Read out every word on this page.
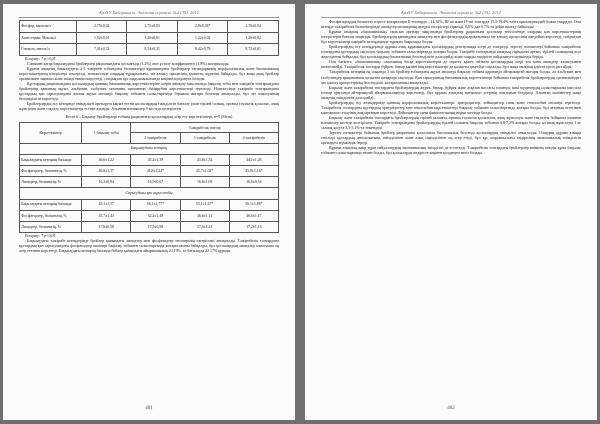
ҚазҰУ Хабаршысы. Экология сериясы. №2 (35). 2012
Фосфор, мкмоль/л	2,75±0,02	2,75±0,03	2,8±0,04*	2,76±0,04
Холестерин, Ммоль/л	1,52±0,01	1,26±0,01	1,22±0,02	1,26±0,02
Глюкоза, ммоль/л	7,41±0,32	8,54±0,31	8,42±0,78	8,72±0,61
Ескерту: * p<0,05

Сонымен қатар бақылаудағы бройлерлер рационындағы қосылғыда (1,2%) азот ұсталу коэффициенті (1,8%) жоғарылады.

Құрама азықтың бақылаудағы 2-3 тәжірибе тобындағы бөлшектерді құрамындағы бройлерлер тағамдарының морфологиялық және биохимиялық көрсеткіштерінің өзгерістері тексерілді, нәтижесінде олардың тұрақтылығы, зат алмасу процесінің қалыпты жүретіні байқалды, бұл жаңа азық бройлер организміне зиянсыз және тиімді екенін көрсетеді, сондықтан құс шаруашылығында кеңінен қолдануға болады.

Құстардың рационындағы қоспалардың қанның биохимиялық көрсеткіштеріне әсерін анықтау мақсатында бақылау тобы мен тәжірибе топтарындағы бройлерлер қанының ақуыз, альбумин, глобулин, мочевина, креатинин, билирубин көрсеткіштері зерттелді. Нәтижесінде тәжірибе топтарындағы құстардың қан сарысуындағы жалпы ақуыз мөлшері бақылау тобымен салыстырғанда біршама жоғары болғаны анықталды, бұл зат алмасуының белсенділігін көрсетеді.

Бройлерлердің өсу кезеңінде өнімділікті арттыруға ықпал ететін қоспалардың тиімділігін бағалау үшін тірілей салмақ, орташа тәуліктік қосылыс, азық жұмсалуы және сақталу көрсеткіштері есепке алынды. Алынған нәтижелер 3-кестеде келтірілген.

Кесте 6 – Бақылау бройлерлері тобына рационтағы қоспалардың әсер ету көрсеткіштері, n=5 (М±m)
Көрсеткіштер	1 бақылау тобы	Тәжірибелік топтар		
		2 тәжірибелік	3 тәжірибелік	4 тәжірибелік
Бақылаудағы кезеңнің				
Бақылаудағы кезеңнің басында	46,6±1,22	45,2±1,39	43,8±1,54	44,1±1,26
Фосфатидтер, бөлшектің, %	46,8±1,37	41,8±1,24*	45,7±1,02*	45,8±1,16*
Липидтер, бөлшектің, %	16,3±0,94	16,9±0,67	16,6±1,08	16,6±0,54
Сарысудағы қан ақуыз тобы				
Бақылаудағы кезеңнің басында	45,1±1,57	56,1±1,77*	55,1±1,67*	56,1±1,86*
Фосфатидтер, бөлшектің, %	45,7±1,43	52,2±1,49	46,6±1,14	46,6±1,17
Липидтер, бөлшектің, %	17,6±0,58	17,5±0,98	17,5±1,14	17,2±1,16
Ескерту: * p<0,05

Бақылаудағы тәжірибе кезеңдерінде бройлер қанындағы липидтер мен фосфатидтер мөлшерінің өзгерістері анықталды. Тәжірибелік топтардағы құстардың қан сарысуындағы фосфатидтер мөлшері бақылау тобымен салыстырғанда жоғарылағаны байқалды, бұл қоспалардың липидтер алмасуына оң әсер ететінін көрсетеді. Бақылаудағы кезеңнің басында бойлер қанындағы айырмашылық 24,19%, ал бағылауда 22,17% құрады.

401
ҚазҰУ Хабаршысы. Экология сериясы. №2 (35). 2012

Фосфатидтердің бөлшегін әсіресе жоғарылауы II-топтарда – 14,32%, III-ші және IV-ші топтарда 15,3-19,4% тәбет арасындағыдай болып тыңдады. Осы кезеңде тәжірибелік бөлшектерінде липидтер мөлшерінің әртүрлі өзгерістері тіркелді, 0,5%-дан 0,7%-ға дейін ауытқу байқалды.

Құрама азықтың «биохимиялық» сапасын арттыру мақсатында бройлерлер рационына қоспалар енгізілгенде олардың қан көрсеткіштерінің өзгерістерін бағалау маңызды. Бройлерлердің қанындағы липидтер мен фосфатидтердің арақатынасы зат алмасу процесінің жағдайын көрсетеді, сондықтан бұл көрсеткіштер тәжірибе кезеңдерінде тұрақты бақылауда болды.

Бройлерлердің өсу кезеңдерінде құрама азық құрамындағы қоспалардың денсаулыққа әсері де ескерілді, зерттеу нәтижелері бойынша тәжірибелік топтардағы құстардың сақталуы бақылау тобымен салыстырғанда жоғары болды. Тәжірибе топтарында азықтың сіңімділігі артып, тірілей салмақтың өсуі жеделдегені байқалды, бұл қоспалардың биологиялық белсенділігін дәлелдейді және оларды өндірісте пайдалануға мүмкіндік береді.

Осы бағытта, «биохимиялық» сапасының басқа көрсеткіштерін де зерттеу қажет, өйткені қоспалардың әсері тек қана липидтер алмасуымен шектелмейді. Тәжірибелік топтарда бүйрек, бауыр қызметінің көрсеткіштері де қалыпты деңгейде сақталды, бұл жаңа азықтың қауіпсіздігін растайды.

Тәжірибелік кезеңнің ең соңында 3 ші бройлер тобындағы ақуыз мөлшері бақылау тобына қарағанда айтарлықтай жоғары болды, ал альбумин мен глобулиндер арақатынасы қалыпты шекарада сақталды. Қан сарысуының биохимиялық көрсеткіштері бойынша тәжірибелік бройлерлердің организміндегі зат алмасу процестерінің белсенділігі жоғарылағаны анықталды.

Бақылау және тәжірибелік топтардағы бройлерлердің жүрек, бауыр, бүйрек және асқазан массасы өлшенді, ішкі мүшелердің салыстырмалы массасы топтар арасында айтарлықтай айырмашылықтар көрсетпеді, бұл құрама азықтың жағымсыз әсерінің жоқтығын білдіреді. Алынған мәліметтер жаңа азықтың тиімділігін дәлелдейді.

Бройлерлердің өсу кезеңдерінде қанның морфологиялық көрсеткіштері: эритроциттер, лейкоциттер саны және гемоглобин мөлшері зерттелді. Тәжірибелік топтардағы құстардың эритроциттер мен гемоглобин көрсеткіштері бақылау тобымен салыстырғанда жоғары болды, бұл ағзаның оттегімен қамтамасыз етілуінің жақсарғанын көрсетеді. Лейкоциттер саны физиологиялық норма шегінде болды.

Бақылау және тәжірибелік топтардағы бройлерлердің тірілей салмағы, орташа тәуліктік қосылысы, азық жұмсалуы және сақталуы бойынша алынған нәтижелер кестеде келтірілген. Тәжірибе топтарындағы бройлерлердің тірілей салмағы бақылау тобынан 4,8-7,2% жоғары болды, ал азық жұмсалуы 1 кг салмақ қосуға 3,5-5,1%-ға төмендеді.

Зерттеу нәтижелері бойынша бройлер рационына қосылатын биологиялық белсенді қоспалардың тиімділігі анықталды. Олардың құрама азыққа енгізілуі құстардың денсаулығына, өнімділігіне және азық сіңімділігіне оң әсер етеді, бұл құс шаруашылығы өндірісінің экономикалық тиімділігін арттыруға мүмкіндік береді.

Құрама азықтың жаңа түрін пайдаланудың экономикалық тиімділігі де есептелді. Тәжірибелік топтардағы бройлерлер өнімінің өзіндік құны бақылау тобымен салыстырғанда төмен болды, бұл қоспаларды өндірісте кеңінен қолдануға негіз болады.

402
